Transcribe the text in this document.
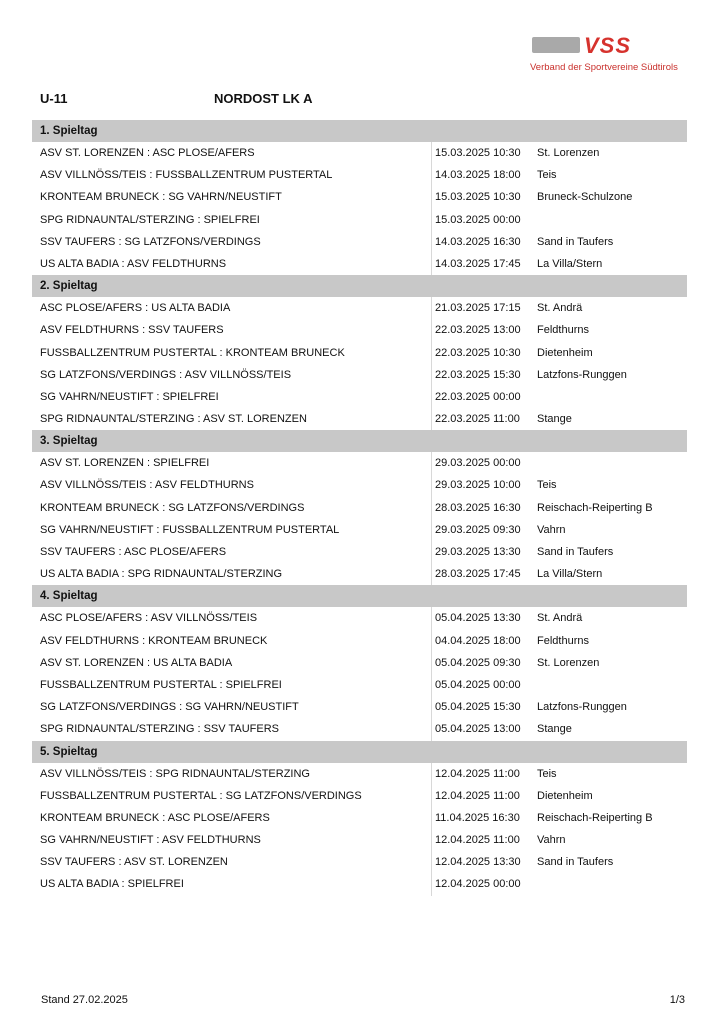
VSS
Verband der Sportvereine Südtirols
U-11	NORDOST LK A
1. Spieltag
ASV ST. LORENZEN : ASC PLOSE/AFERS	15.03.2025 10:30 St. Lorenzen
ASV VILLNÖSS/TEIS : FUSSBALLZENTRUM PUSTERTAL	14.03.2025 18:00 Teis
KRONTEAM BRUNECK : SG VAHRN/NEUSTIFT	15.03.2025 10:30 Bruneck-Schulzone
SPG RIDNAUNTAL/STERZING : SPIELFREI	15.03.2025 00:00
SSV TAUFERS : SG LATZFONS/VERDINGS	14.03.2025 16:30 Sand in Taufers
US ALTA BADIA : ASV FELDTHURNS	14.03.2025 17:45 La Villa/Stern
2. Spieltag
ASC PLOSE/AFERS : US ALTA BADIA	21.03.2025 17:15 St. Andrä
ASV FELDTHURNS : SSV TAUFERS	22.03.2025 13:00 Feldthurns
FUSSBALLZENTRUM PUSTERTAL : KRONTEAM BRUNECK	22.03.2025 10:30 Dietenheim
SG LATZFONS/VERDINGS : ASV VILLNÖSS/TEIS	22.03.2025 15:30 Latzfons-Runggen
SG VAHRN/NEUSTIFT : SPIELFREI	22.03.2025 00:00
SPG RIDNAUNTAL/STERZING : ASV ST. LORENZEN	22.03.2025 11:00 Stange
3. Spieltag
ASV ST. LORENZEN : SPIELFREI	29.03.2025 00:00
ASV VILLNÖSS/TEIS : ASV FELDTHURNS	29.03.2025 10:00 Teis
KRONTEAM BRUNECK : SG LATZFONS/VERDINGS	28.03.2025 16:30 Reischach-Reiperting B
SG VAHRN/NEUSTIFT : FUSSBALLZENTRUM PUSTERTAL	29.03.2025 09:30 Vahrn
SSV TAUFERS : ASC PLOSE/AFERS	29.03.2025 13:30 Sand in Taufers
US ALTA BADIA : SPG RIDNAUNTAL/STERZING	28.03.2025 17:45 La Villa/Stern
4. Spieltag
ASC PLOSE/AFERS : ASV VILLNÖSS/TEIS	05.04.2025 13:30 St. Andrä
ASV FELDTHURNS : KRONTEAM BRUNECK	04.04.2025 18:00 Feldthurns
ASV ST. LORENZEN : US ALTA BADIA	05.04.2025 09:30 St. Lorenzen
FUSSBALLZENTRUM PUSTERTAL : SPIELFREI	05.04.2025 00:00
SG LATZFONS/VERDINGS : SG VAHRN/NEUSTIFT	05.04.2025 15:30 Latzfons-Runggen
SPG RIDNAUNTAL/STERZING : SSV TAUFERS	05.04.2025 13:00 Stange
5. Spieltag
ASV VILLNÖSS/TEIS : SPG RIDNAUNTAL/STERZING	12.04.2025 11:00 Teis
FUSSBALLZENTRUM PUSTERTAL : SG LATZFONS/VERDINGS	12.04.2025 11:00 Dietenheim
KRONTEAM BRUNECK : ASC PLOSE/AFERS	11.04.2025 16:30 Reischach-Reiperting B
SG VAHRN/NEUSTIFT : ASV FELDTHURNS	12.04.2025 11:00 Vahrn
SSV TAUFERS : ASV ST. LORENZEN	12.04.2025 13:30 Sand in Taufers
US ALTA BADIA : SPIELFREI	12.04.2025 00:00
Stand 27.02.2025	1/3
